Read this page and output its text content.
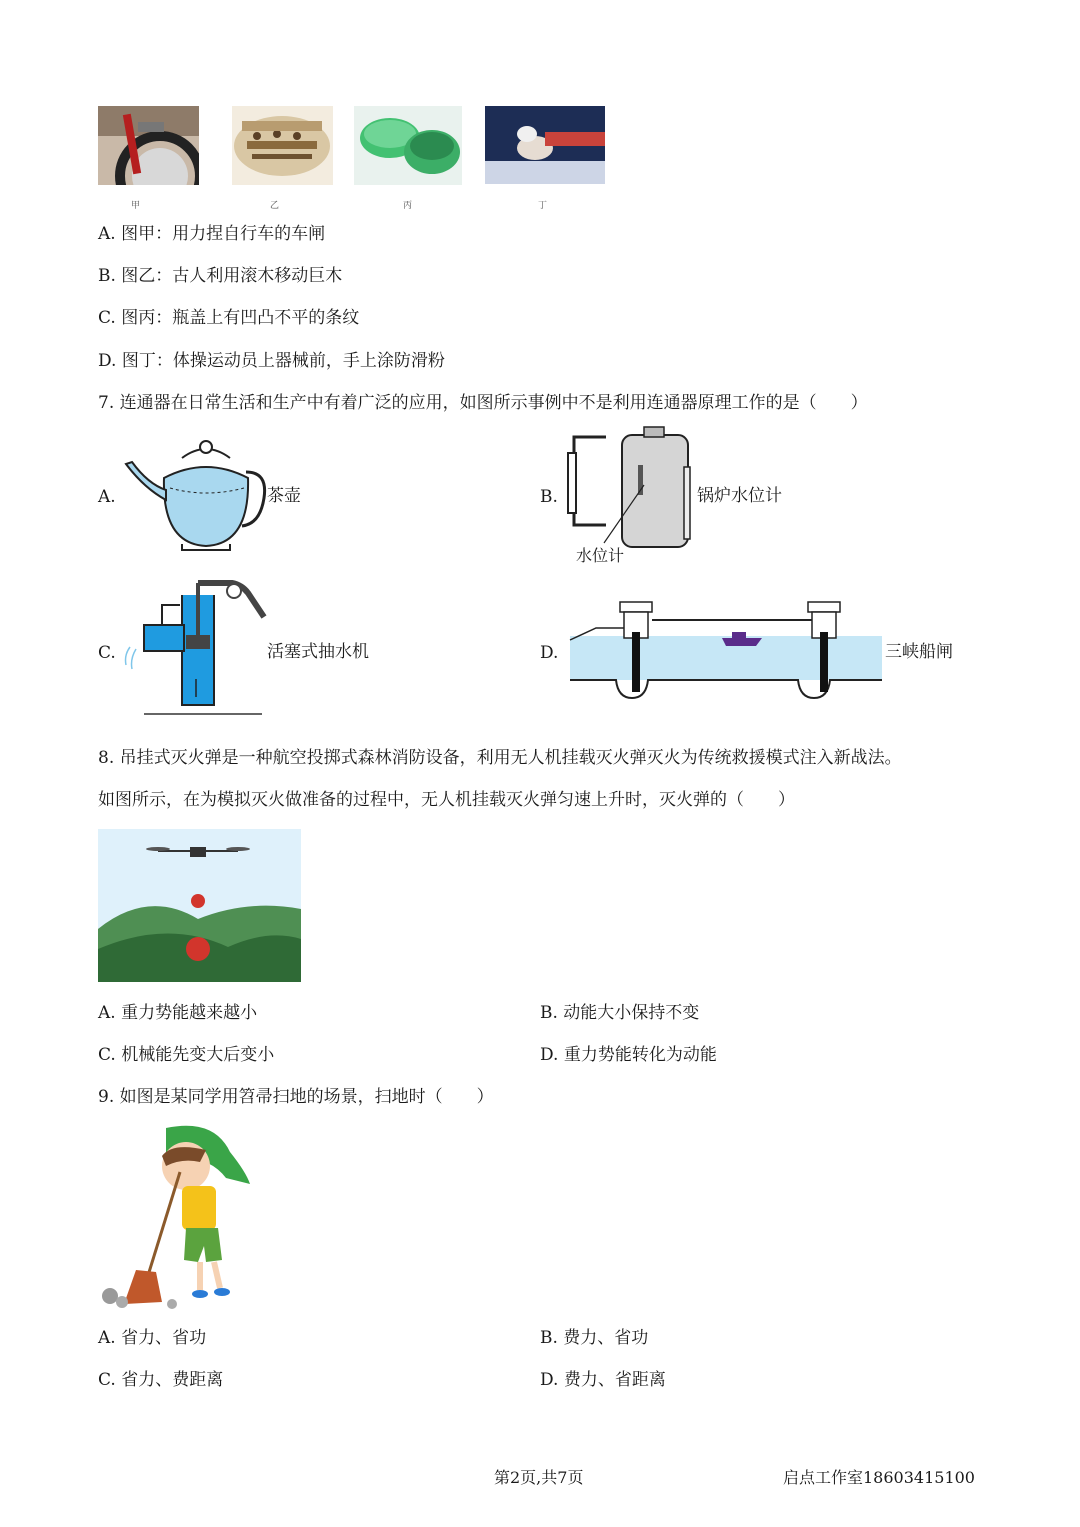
甲	乙	丙	丁
A. 图甲：用力捏自行车的车闸
B. 图乙：古人利用滚木移动巨木
C. 图丙：瓶盖上有凹凸不平的条纹
D. 图丁：体操运动员上器械前，手上涂防滑粉
7. 连通器在日常生活和生产中有着广泛的应用，如图所示事例中不是利用连通器原理工作的是（　　）
A.	茶壶	B.	锅炉水位计
水位计
C.	活塞式抽水机	D.	三峡船闸
8. 吊挂式灭火弹是一种航空投掷式森林消防设备，利用无人机挂载灭火弹灭火为传统救援模式注入新战法。
如图所示，在为模拟灭火做准备的过程中，无人机挂载灭火弹匀速上升时，灭火弹的（　　）
A. 重力势能越来越小	B. 动能大小保持不变
C. 机械能先变大后变小	D. 重力势能转化为动能
9. 如图是某同学用笤帚扫地的场景，扫地时（　　）
A. 省力、省功	B. 费力、省功
C. 省力、费距离	D. 费力、省距离
第2页,共7页	启点工作室18603415100
